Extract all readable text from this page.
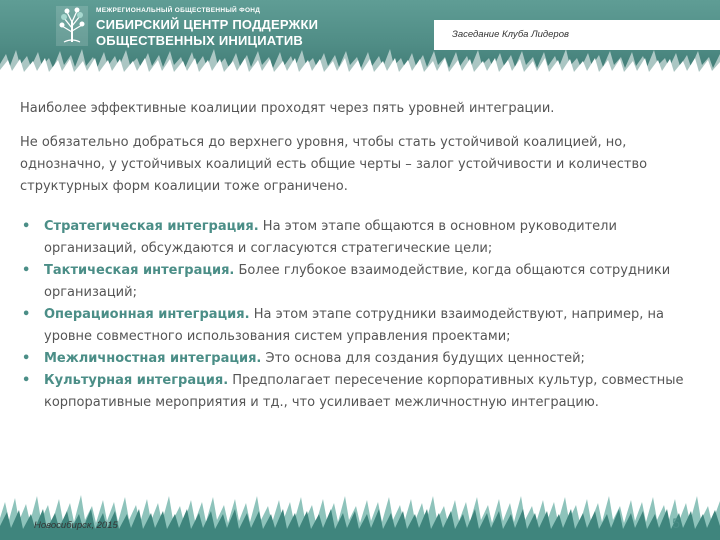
МЕЖРЕГИОНАЛЬНЫЙ ОБЩЕСТВЕННЫЙ ФОНД
СИБИРСКИЙ ЦЕНТР ПОДДЕРЖКИ
ОБЩЕСТВЕННЫХ ИНИЦИАТИВ	Заседание Клуба Лидеров

Наиболее эффективные коалиции проходят через пять уровней интеграции.

Не обязательно добраться до верхнего уровня, чтобы стать устойчивой коалицией, но, однозначно, у устойчивых коалиций есть общие черты – залог устойчивости и количество структурных форм коалиции тоже ограничено.

• Стратегическая интеграция. На этом этапе общаются в основном руководители организаций, обсуждаются и согласуются стратегические цели;
• Тактическая интеграция. Более глубокое взаимодействие, когда общаются сотрудники организаций;
• Операционная интеграция. На этом этапе сотрудники взаимодействуют, например, на уровне совместного использования систем управления проектами;
• Межличностная интеграция. Это основа для создания будущих ценностей;
• Культурная интеграция. Предполагает пересечение корпоративных культур, совместные корпоративные мероприятия и тд., что усиливает межличностную интеграцию.
Новосибирск, 2015	5
